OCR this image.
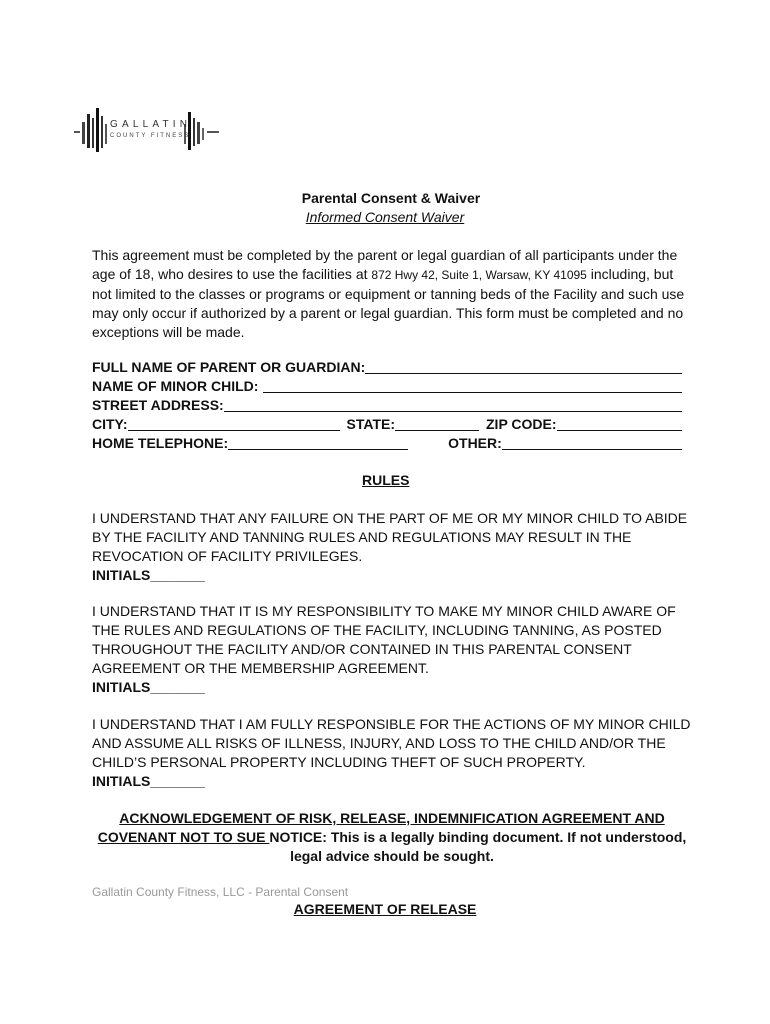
GALLATIN
COUNTY FITNESS
Parental Consent & Waiver
Informed Consent Waiver
This agreement must be completed by the parent or legal guardian of all participants under the age of 18, who desires to use the facilities at 872 Hwy 42, Suite 1, Warsaw, KY 41095 including, but not limited to the classes or programs or equipment or tanning beds of the Facility and such use may only occur if authorized by a parent or legal guardian. This form must be completed and no exceptions will be made.
FULL NAME OF PARENT OR GUARDIAN:
NAME OF MINOR CHILD:
STREET ADDRESS:
CITY:	STATE:	ZIP CODE:
HOME TELEPHONE:	OTHER:
RULES
I UNDERSTAND THAT ANY FAILURE ON THE PART OF ME OR MY MINOR CHILD TO ABIDE BY THE FACILITY AND TANNING RULES AND REGULATIONS MAY RESULT IN THE REVOCATION OF FACILITY PRIVILEGES.
INITIALS_______
I UNDERSTAND THAT IT IS MY RESPONSIBILITY TO MAKE MY MINOR CHILD AWARE OF THE RULES AND REGULATIONS OF THE FACILITY, INCLUDING TANNING, AS POSTED THROUGHOUT THE FACILITY AND/OR CONTAINED IN THIS PARENTAL CONSENT AGREEMENT OR THE MEMBERSHIP AGREEMENT.
INITIALS_______
I UNDERSTAND THAT I AM FULLY RESPONSIBLE FOR THE ACTIONS OF MY MINOR CHILD AND ASSUME ALL RISKS OF ILLNESS, INJURY, AND LOSS TO THE CHILD AND/OR THE CHILD’S PERSONAL PROPERTY INCLUDING THEFT OF SUCH PROPERTY.
INITIALS_______
ACKNOWLEDGEMENT OF RISK, RELEASE, INDEMNIFICATION AGREEMENT AND COVENANT NOT TO SUE NOTICE: This is a legally binding document. If not understood, legal advice should be sought.
Gallatin County Fitness, LLC - Parental Consent
AGREEMENT OF RELEASE
